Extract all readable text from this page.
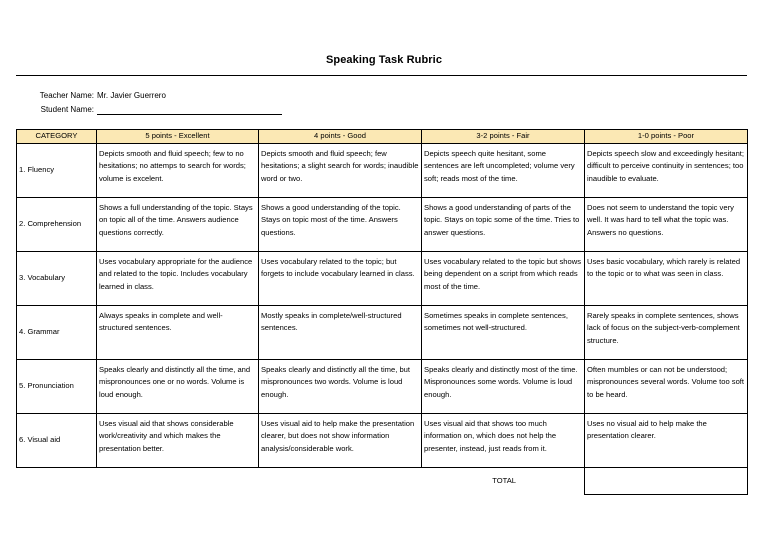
Speaking Task Rubric
Teacher Name: Mr. Javier Guerrero
Student Name:
CATEGORY	5 points - Excellent	4 points - Good	3-2 points - Fair	1-0 points - Poor
1. Fluency	Depicts smooth and fluid speech; few to no hesitations; no attemps to search for words; volume is excelent.	Depicts smooth and fluid speech; few hesitations; a slight search for words; inaudible word or two.	Depicts speech quite hesitant, some sentences are left uncompleted; volume very soft; reads most of the time.	Depicts speech slow and exceedingly hesitant; difficult to perceive continuity in sentences; too inaudible to evaluate.
2. Comprehension	Shows a full understanding of the topic. Stays on topic all of the time. Answers audience questions correctly.	Shows a good understanding of the topic. Stays on topic most of the time. Answers questions.	Shows a good understanding of parts of the topic. Stays on topic some of the time. Tries to answer questions.	Does not seem to understand the topic very well. It was hard to tell what the topic was. Answers no questions.
3. Vocabulary	Uses vocabulary appropriate for the audience and related to the topic. Includes vocabulary learned in class.	Uses vocabulary related to the topic; but forgets to include vocabulary learned in class.	Uses vocabulary related to the topic but shows being dependent on a script from which reads most of the time.	Uses basic vocabulary, which rarely is related to the topic or to what was seen in class.
4. Grammar	Always speaks in complete and well-structured sentences.	Mostly speaks in complete/well-structured sentences.	Sometimes speaks in complete sentences, sometimes not well-structured.	Rarely speaks in complete sentences, shows lack of focus on the subject-verb-complement structure.
5. Pronunciation	Speaks clearly and distinctly all the time, and mispronounces one or no words. Volume is loud enough.	Speaks clearly and distinctly all the time, but mispronounces two words. Volume is loud enough.	Speaks clearly and distinctly most of the time. Mispronounces some words. Volume is loud enough.	Often mumbles or can not be understood; mispronounces several words. Volume too soft to be heard.
6. Visual aid	Uses visual aid that shows considerable work/creativity and which makes the presentation better.	Uses visual aid to help make the presentation clearer, but does not show information analysis/considerable work.	Uses visual aid that shows too much information on, which does not help the presenter, instead, just reads from it.	Uses no visual aid to help make the presentation clearer.
			TOTAL	
